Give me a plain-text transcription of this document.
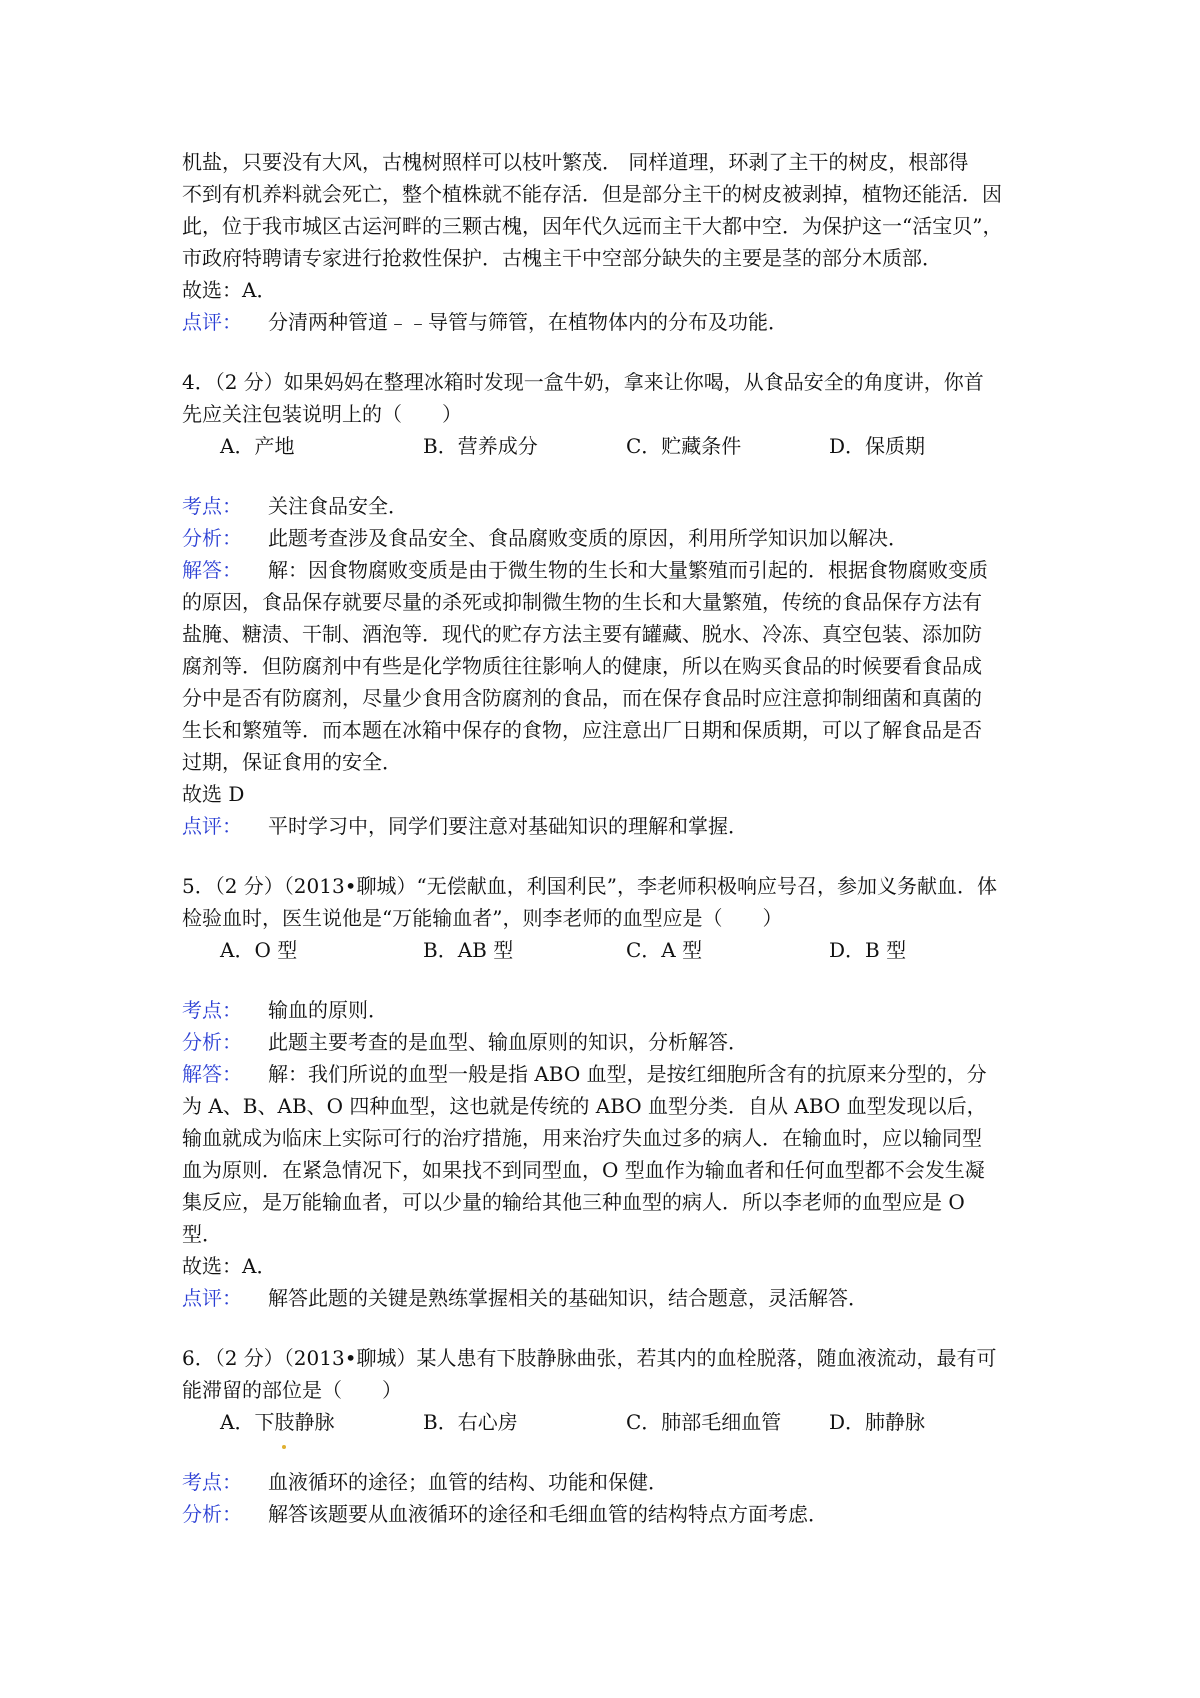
机盐，只要没有大风，古槐树照样可以枝叶繁茂． 同样道理，环剥了主干的树皮，根部得

不到有机养料就会死亡，整个植株就不能存活．但是部分主干的树皮被剥掉，植物还能活．因

此，位于我市城区古运河畔的三颗古槐，因年代久远而主干大都中空．为保护这一“活宝贝”，

市政府特聘请专家进行抢救性保护．古槐主干中空部分缺失的主要是茎的部分木质部．

故选：A．

点评：	分清两种管道﹣﹣导管与筛管，在植物体内的分布及功能．

4．（2 分）如果妈妈在整理冰箱时发现一盒牛奶，拿来让你喝，从食品安全的角度讲，你首

先应关注包装说明上的（　　）

A．产地	B．营养成分	C．贮藏条件	D．保质期
考点：	关注食品安全．
分析：	此题考查涉及食品安全、食品腐败变质的原因，利用所学知识加以解决．
解答：	解：因食物腐败变质是由于微生物的生长和大量繁殖而引起的．根据食物腐败变质

的原因，食品保存就要尽量的杀死或抑制微生物的生长和大量繁殖，传统的食品保存方法有

盐腌、糖渍、干制、酒泡等．现代的贮存方法主要有罐藏、脱水、冷冻、真空包装、添加防

腐剂等．但防腐剂中有些是化学物质往往影响人的健康，所以在购买食品的时候要看食品成

分中是否有防腐剂，尽量少食用含防腐剂的食品，而在保存食品时应注意抑制细菌和真菌的

生长和繁殖等．而本题在冰箱中保存的食物，应注意出厂日期和保质期，可以了解食品是否

过期，保证食用的安全．

故选 D

点评：	平时学习中，同学们要注意对基础知识的理解和掌握．

5．（2 分）（2013•聊城）“无偿献血，利国利民”，李老师积极响应号召，参加义务献血．体

检验血时，医生说他是“万能输血者”，则李老师的血型应是（　　）

A．O 型	B．AB 型	C．A 型	D．B 型
考点：	输血的原则．
分析：	此题主要考查的是血型、输血原则的知识，分析解答．
解答：	解：我们所说的血型一般是指 ABO 血型，是按红细胞所含有的抗原来分型的，分

为 A、B、AB、O 四种血型，这也就是传统的 ABO 血型分类．自从 ABO 血型发现以后，

输血就成为临床上实际可行的治疗措施，用来治疗失血过多的病人．在输血时，应以输同型

血为原则．在紧急情况下，如果找不到同型血，O 型血作为输血者和任何血型都不会发生凝

集反应，是万能输血者，可以少量的输给其他三种血型的病人．所以李老师的血型应是 O

型．

故选：A．

点评：	解答此题的关键是熟练掌握相关的基础知识，结合题意，灵活解答．

6．（2 分）（2013•聊城）某人患有下肢静脉曲张，若其内的血栓脱落，随血液流动，最有可

能滞留的部位是（　　）

A．下肢静脉	B．右心房	C．肺部毛细血管	D．肺静脉
考点：	血液循环的途径；血管的结构、功能和保健．
分析：	解答该题要从血液循环的途径和毛细血管的结构特点方面考虑．
